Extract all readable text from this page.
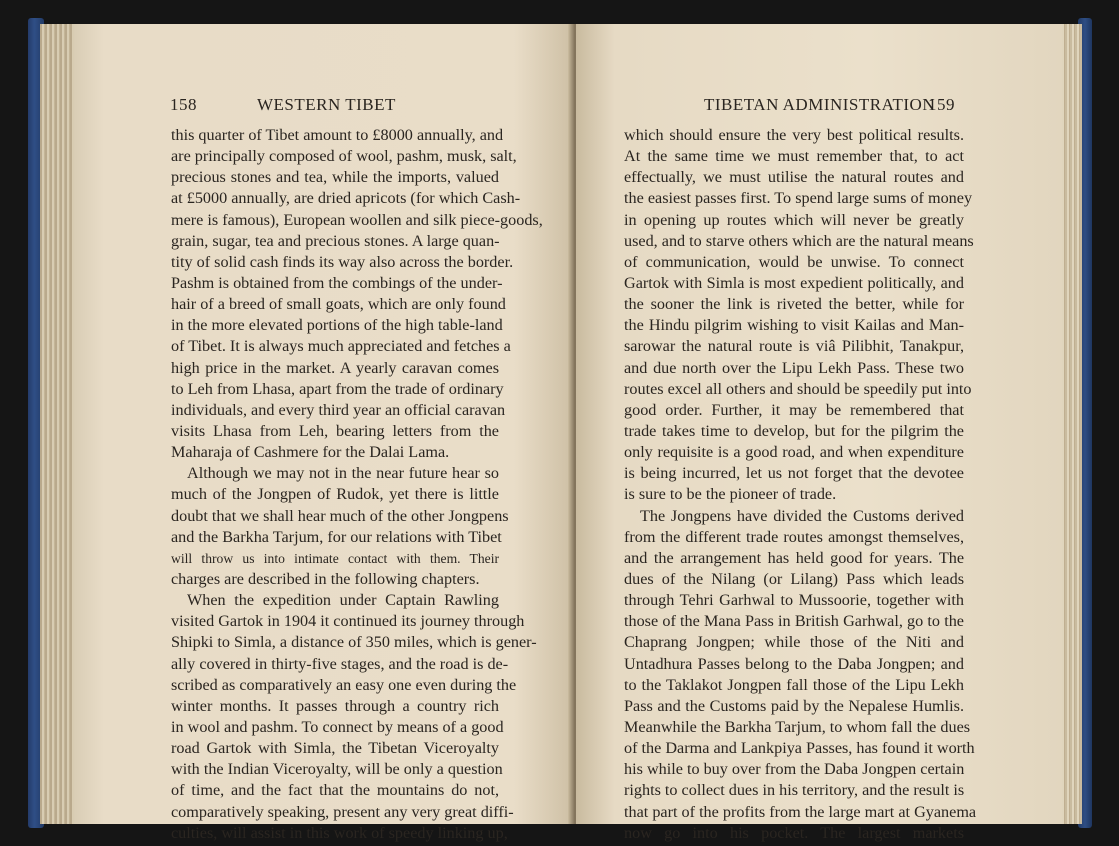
158	WESTERN TIBET
this quarter of Tibet amount to £8000 annually, and
are principally composed of wool, pashm, musk, salt,
precious stones and tea, while the imports, valued
at £5000 annually, are dried apricots (for which Cash-
mere is famous), European woollen and silk piece-goods,
grain, sugar, tea and precious stones. A large quan-
tity of solid cash finds its way also across the border.
Pashm is obtained from the combings of the under-
hair of a breed of small goats, which are only found
in the more elevated portions of the high table-land
of Tibet. It is always much appreciated and fetches a
high price in the market. A yearly caravan comes
to Leh from Lhasa, apart from the trade of ordinary
individuals, and every third year an official caravan
visits Lhasa from Leh, bearing letters from the
Maharaja of Cashmere for the Dalai Lama.
Although we may not in the near future hear so
much of the Jongpen of Rudok, yet there is little
doubt that we shall hear much of the other Jongpens
and the Barkha Tarjum, for our relations with Tibet
will throw us into intimate contact with them. Their
charges are described in the following chapters.
When the expedition under Captain Rawling
visited Gartok in 1904 it continued its journey through
Shipki to Simla, a distance of 350 miles, which is gener-
ally covered in thirty-five stages, and the road is de-
scribed as comparatively an easy one even during the
winter months. It passes through a country rich
in wool and pashm. To connect by means of a good
road Gartok with Simla, the Tibetan Viceroyalty
with the Indian Viceroyalty, will be only a question
of time, and the fact that the mountains do not,
comparatively speaking, present any very great diffi-
culties, will assist in this work of speedy linking up,
TIBETAN ADMINISTRATION
159
which should ensure the very best political results.
At the same time we must remember that, to act
effectually, we must utilise the natural routes and
the easiest passes first. To spend large sums of money
in opening up routes which will never be greatly
used, and to starve others which are the natural means
of communication, would be unwise. To connect
Gartok with Simla is most expedient politically, and
the sooner the link is riveted the better, while for
the Hindu pilgrim wishing to visit Kailas and Man-
sarowar the natural route is viâ Pilibhit, Tanakpur,
and due north over the Lipu Lekh Pass. These two
routes excel all others and should be speedily put into
good order. Further, it may be remembered that
trade takes time to develop, but for the pilgrim the
only requisite is a good road, and when expenditure
is being incurred, let us not forget that the devotee
is sure to be the pioneer of trade.
The Jongpens have divided the Customs derived
from the different trade routes amongst themselves,
and the arrangement has held good for years. The
dues of the Nilang (or Lilang) Pass which leads
through Tehri Garhwal to Mussoorie, together with
those of the Mana Pass in British Garhwal, go to the
Chaprang Jongpen; while those of the Niti and
Untadhura Passes belong to the Daba Jongpen; and
to the Taklakot Jongpen fall those of the Lipu Lekh
Pass and the Customs paid by the Nepalese Humlis.
Meanwhile the Barkha Tarjum, to whom fall the dues
of the Darma and Lankpiya Passes, has found it worth
his while to buy over from the Daba Jongpen certain
rights to collect dues in his territory, and the result is
that part of the profits from the large mart at Gyanema
now go into his pocket. The largest markets
